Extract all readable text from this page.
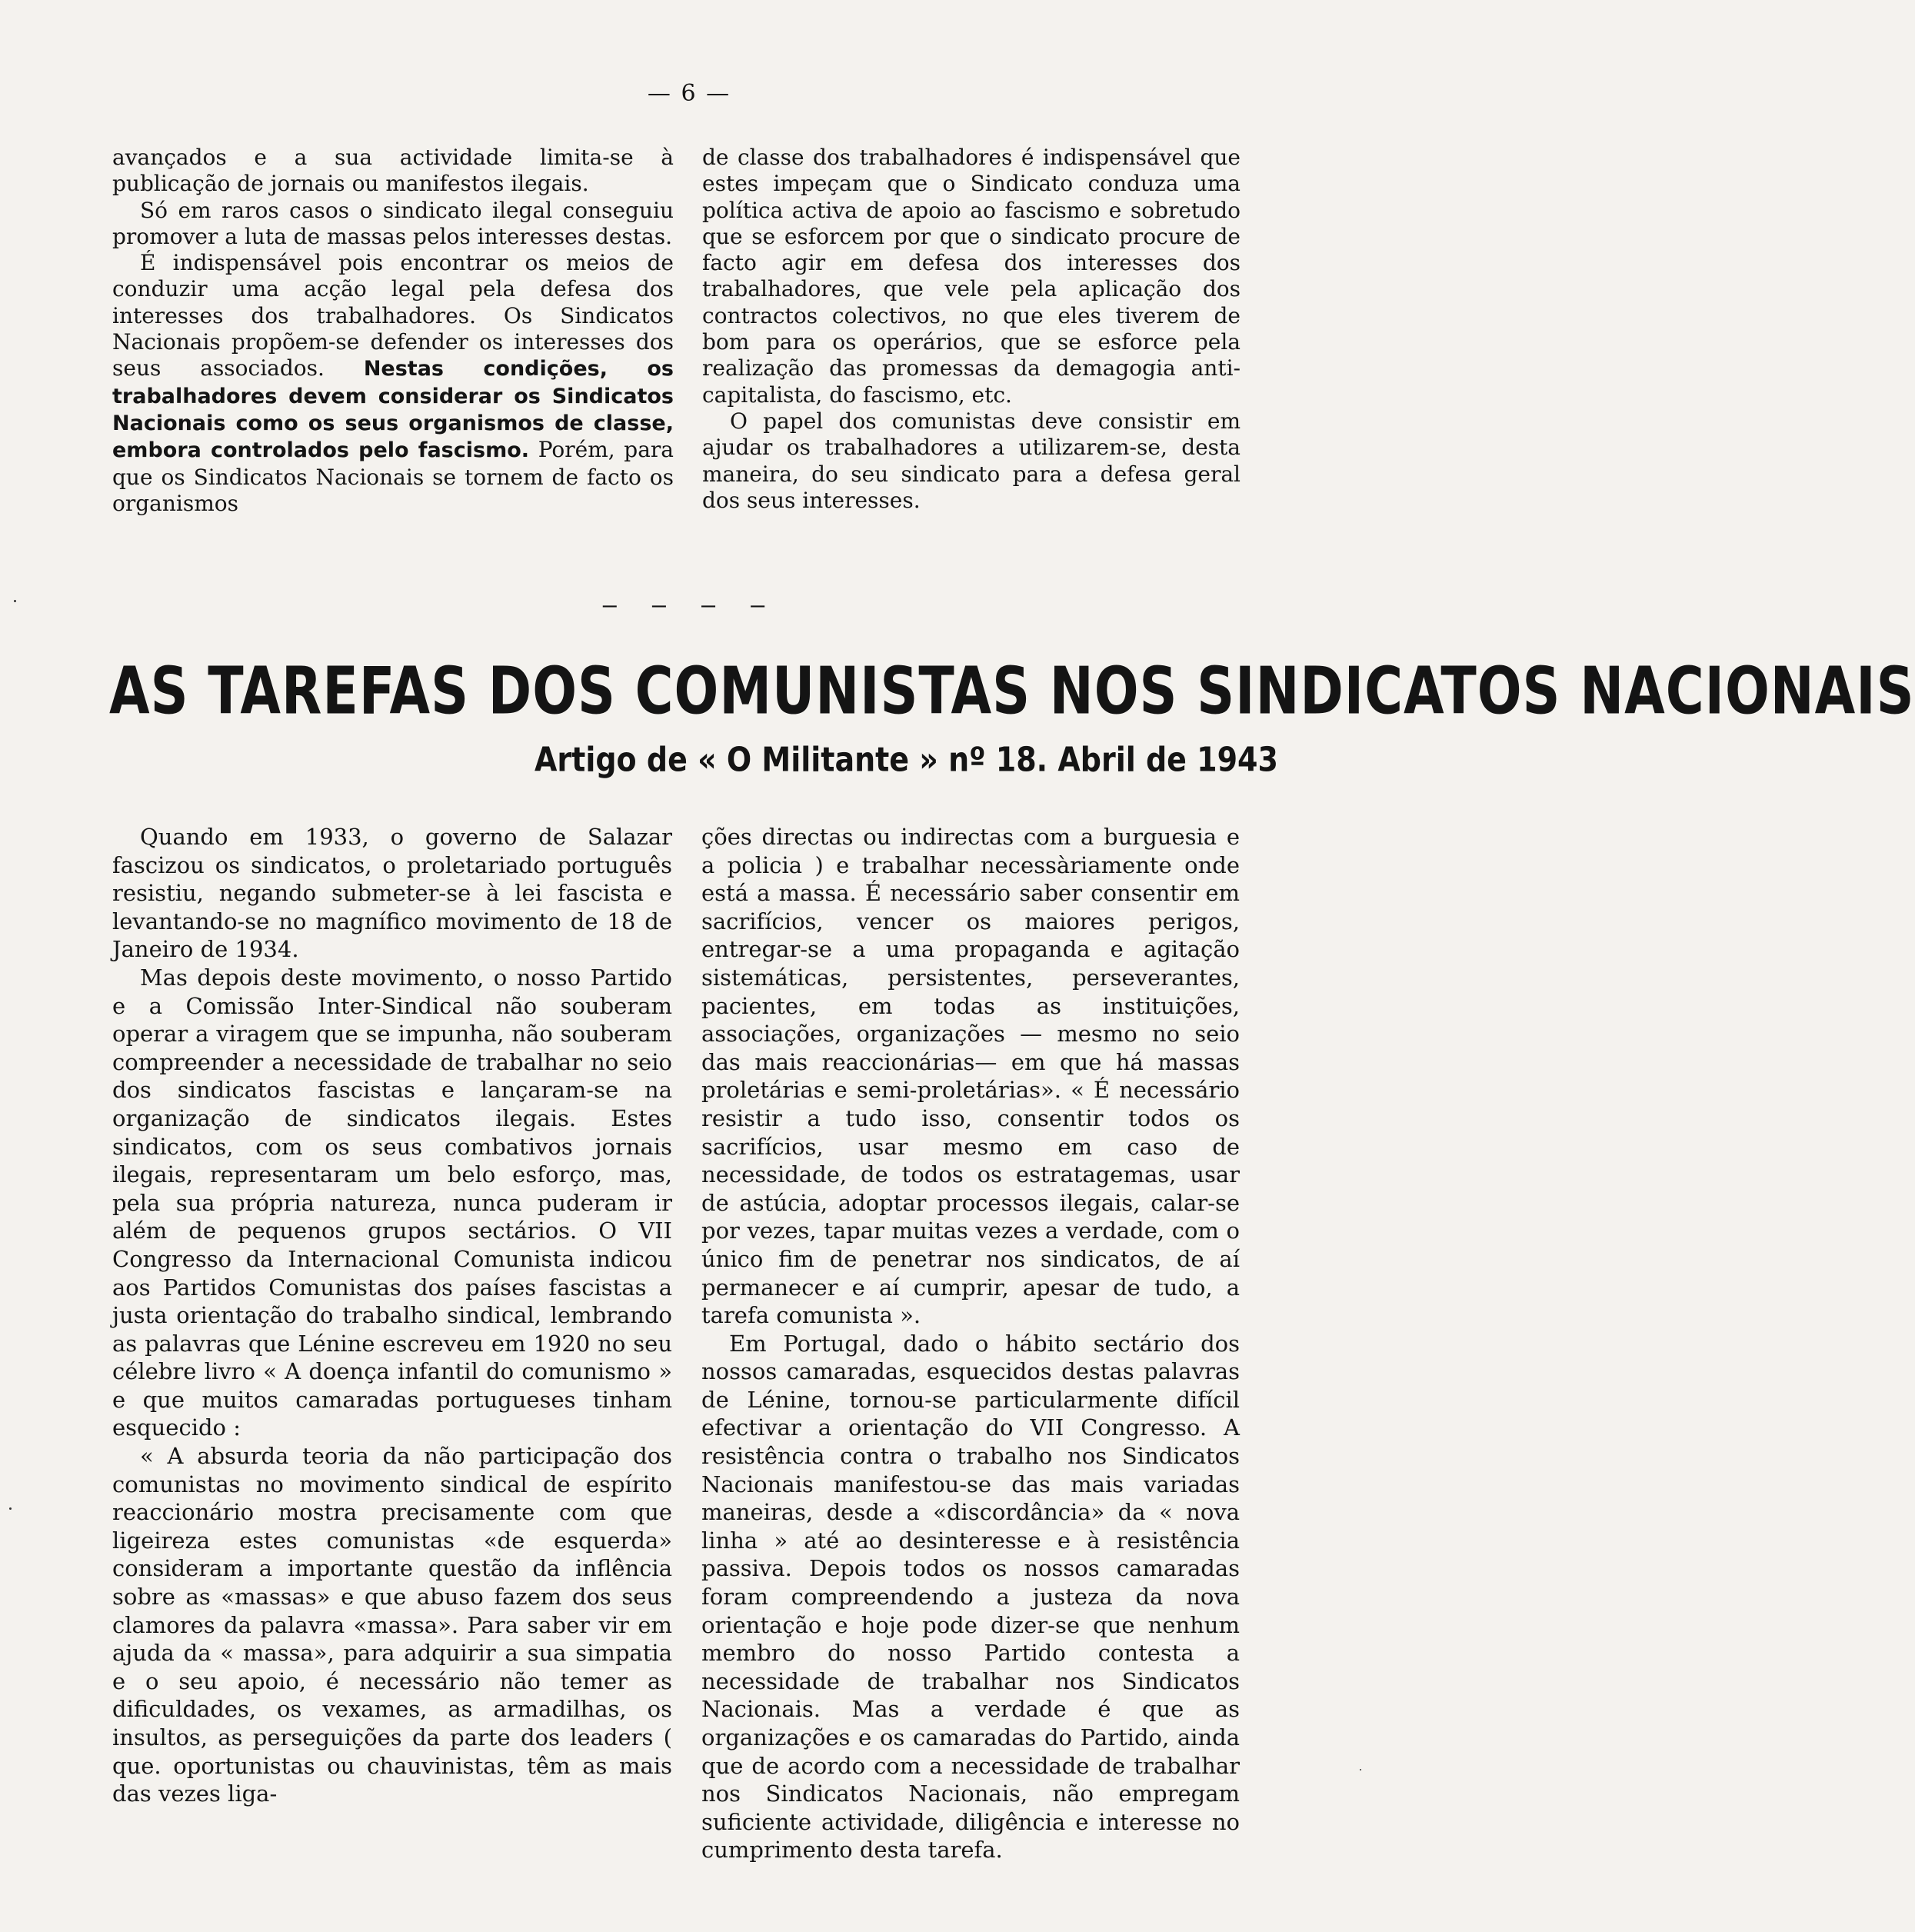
— 6 —

avançados e a sua actividade limita-se à publicação de jornais ou manifestos ilegais.

Só em raros casos o sindicato ilegal conseguiu promover a luta de massas pelos interesses destas.

É indispensável pois encontrar os meios de conduzir uma acção legal pela defesa dos interesses dos trabalhadores. Os Sindicatos Nacionais propõem-se defender os interesses dos seus associados. Nestas condições, os trabalhadores devem considerar os Sindicatos Nacionais como os seus organismos de classe, embora controlados pelo fascismo. Porém, para que os Sindicatos Nacionais se tornem de facto os organismos

de classe dos trabalhadores é indispensável que estes impeçam que o Sindicato conduza uma política activa de apoio ao fascismo e sobretudo que se esforcem por que o sindicato procure de facto agir em defesa dos interesses dos trabalhadores, que vele pela aplicação dos contractos colectivos, no que eles tiverem de bom para os operários, que se esforce pela realização das promessas da demagogia anti-capitalista, do fascismo, etc.

O papel dos comunistas deve consistir em ajudar os trabalhadores a utilizarem-se, desta maneira, do seu sindicato para a defesa geral dos seus interesses.

— — — —
AS TAREFAS DOS COMUNISTAS NOS SINDICATOS NACIONAIS
Artigo de « O Militante » nº 18. Abril de 1943

Quando em 1933, o governo de Salazar fascizou os sindicatos, o proletariado português resistiu, negando submeter-se à lei fascista e levantando-se no magnífico movimento de 18 de Janeiro de 1934.

Mas depois deste movimento, o nosso Partido e a Comissão Inter-Sindical não souberam operar a viragem que se impunha, não souberam compreender a necessidade de trabalhar no seio dos sindicatos fascistas e lançaram-se na organização de sindicatos ilegais. Estes sindicatos, com os seus combativos jornais ilegais, representaram um belo esforço, mas, pela sua própria natureza, nunca puderam ir além de pequenos grupos sectários. O VII Congresso da Internacional Comunista indicou aos Partidos Comunistas dos países fascistas a justa orientação do trabalho sindical, lembrando as palavras que Lénine escreveu em 1920 no seu célebre livro « A doença infantil do comunismo » e que muitos camaradas portugueses tinham esquecido :

« A absurda teoria da não participação dos comunistas no movimento sindical de espírito reaccionário mostra precisamente com que ligeireza estes comunistas «de esquerda» consideram a importante questão da inflência sobre as «massas» e que abuso fazem dos seus clamores da palavra «massa». Para saber vir em ajuda da « massa», para adquirir a sua simpatia e o seu apoio, é necessário não temer as dificuldades, os vexames, as armadilhas, os insultos, as perseguições da parte dos leaders ( que. oportunistas ou chauvinistas, têm as mais das vezes liga-

ções directas ou indirectas com a burguesia e a policia ) e trabalhar necessàriamente onde está a massa. É necessário saber consentir em sacrifícios, vencer os maiores perigos, entregar-se a uma propaganda e agitação sistemáticas, persistentes, perseverantes, pacientes, em todas as instituições, associações, organizações — mesmo no seio das mais reaccionárias— em que há massas proletárias e semi-proletárias». « É necessário resistir a tudo isso, consentir todos os sacrifícios, usar mesmo em caso de necessidade, de todos os estratagemas, usar de astúcia, adoptar processos ilegais, calar-se por vezes, tapar muitas vezes a verdade, com o único fim de penetrar nos sindicatos, de aí permanecer e aí cumprir, apesar de tudo, a tarefa comunista ».

Em Portugal, dado o hábito sectário dos nossos camaradas, esquecidos destas palavras de Lénine, tornou-se particularmente difícil efectivar a orientação do VII Congresso. A resistência contra o trabalho nos Sindicatos Nacionais manifestou-se das mais variadas maneiras, desde a «discordância» da « nova linha » até ao desinteresse e à resistência passiva. Depois todos os nossos camaradas foram compreendendo a justeza da nova orientação e hoje pode dizer-se que nenhum membro do nosso Partido contesta a necessidade de trabalhar nos Sindicatos Nacionais. Mas a verdade é que as organizações e os camaradas do Partido, ainda que de acordo com a necessidade de trabalhar nos Sindicatos Nacionais, não empregam suficiente actividade, diligência e interesse no cumprimento desta tarefa.
